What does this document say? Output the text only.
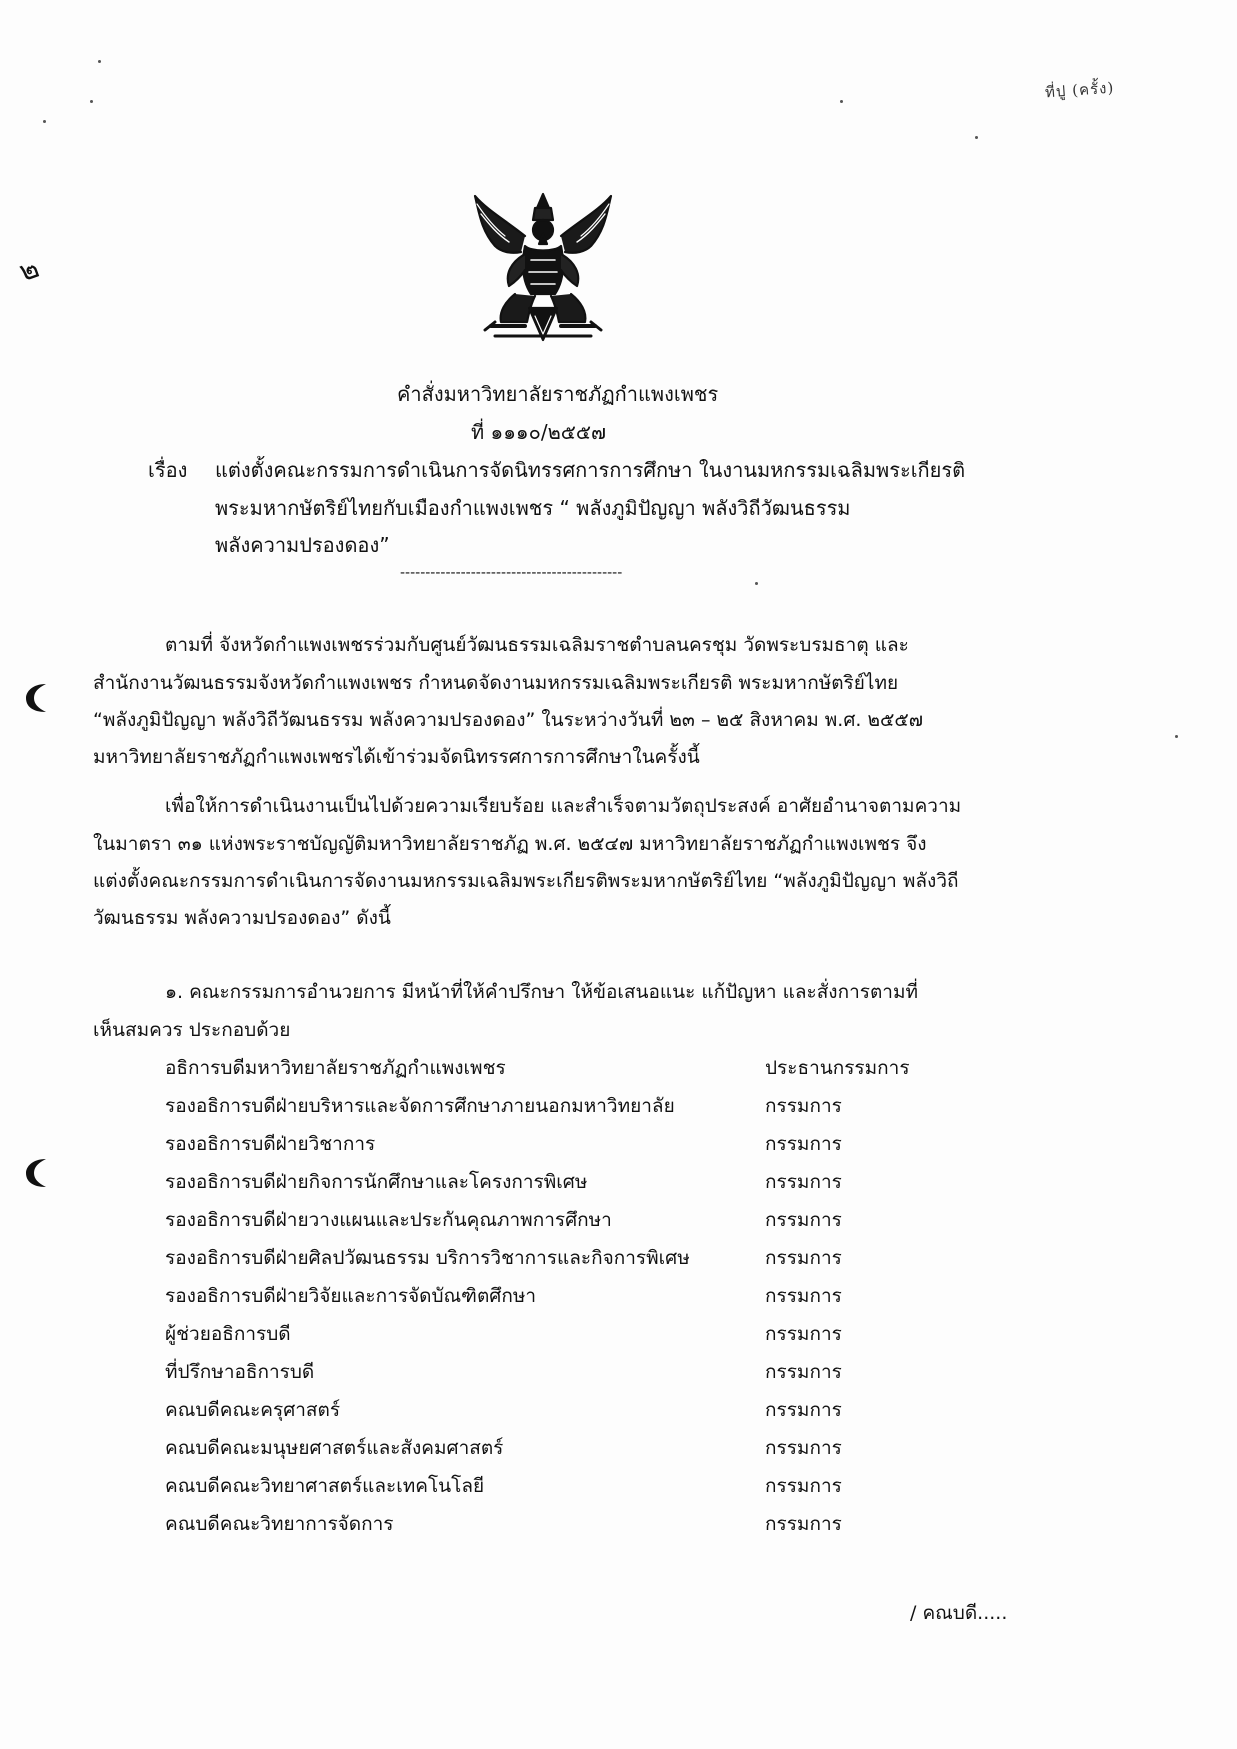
ที่ปู (ครั้ง)
๒
คำสั่งมหาวิทยาลัยราชภัฏกำแพงเพชร
ที่ ๑๑๑๐/๒๕๕๗
เรื่อง แต่งตั้งคณะกรรมการดำเนินการจัดนิทรรศการการศึกษา ในงานมหกรรมเฉลิมพระเกียรติ
พระมหากษัตริย์ไทยกับเมืองกำแพงเพชร “ พลังภูมิปัญญา พลังวิถีวัฒนธรรม
พลังความปรองดอง”
--------------------------------------------
ตามที่ จังหวัดกำแพงเพชรร่วมกับศูนย์วัฒนธรรมเฉลิมราชตำบลนครชุม วัดพระบรมธาตุ และ
สำนักงานวัฒนธรรมจังหวัดกำแพงเพชร กำหนดจัดงานมหกรรมเฉลิมพระเกียรติ พระมหากษัตริย์ไทย
“พลังภูมิปัญญา พลังวิถีวัฒนธรรม พลังความปรองดอง” ในระหว่างวันที่ ๒๓ – ๒๕ สิงหาคม พ.ศ. ๒๕๕๗
มหาวิทยาลัยราชภัฏกำแพงเพชรได้เข้าร่วมจัดนิทรรศการการศึกษาในครั้งนี้
เพื่อให้การดำเนินงานเป็นไปด้วยความเรียบร้อย และสำเร็จตามวัตถุประสงค์ อาศัยอำนาจตามความ
ในมาตรา ๓๑ แห่งพระราชบัญญัติมหาวิทยาลัยราชภัฏ พ.ศ. ๒๕๔๗ มหาวิทยาลัยราชภัฏกำแพงเพชร จึง
แต่งตั้งคณะกรรมการดำเนินการจัดงานมหกรรมเฉลิมพระเกียรติพระมหากษัตริย์ไทย “พลังภูมิปัญญา พลังวิถี
วัฒนธรรม พลังความปรองดอง” ดังนี้
๑. คณะกรรมการอำนวยการ มีหน้าที่ให้คำปรึกษา ให้ข้อเสนอแนะ แก้ปัญหา และสั่งการตามที่
เห็นสมควร ประกอบด้วย
อธิการบดีมหาวิทยาลัยราชภัฏกำแพงเพชร	ประธานกรรมการ
รองอธิการบดีฝ่ายบริหารและจัดการศึกษาภายนอกมหาวิทยาลัย	กรรมการ
รองอธิการบดีฝ่ายวิชาการ	กรรมการ
รองอธิการบดีฝ่ายกิจการนักศึกษาและโครงการพิเศษ	กรรมการ
รองอธิการบดีฝ่ายวางแผนและประกันคุณภาพการศึกษา	กรรมการ
รองอธิการบดีฝ่ายศิลปวัฒนธรรม บริการวิชาการและกิจการพิเศษ	กรรมการ
รองอธิการบดีฝ่ายวิจัยและการจัดบัณฑิตศึกษา	กรรมการ
ผู้ช่วยอธิการบดี	กรรมการ
ที่ปรึกษาอธิการบดี	กรรมการ
คณบดีคณะครุศาสตร์	กรรมการ
คณบดีคณะมนุษยศาสตร์และสังคมศาสตร์	กรรมการ
คณบดีคณะวิทยาศาสตร์และเทคโนโลยี	กรรมการ
คณบดีคณะวิทยาการจัดการ	กรรมการ
/ คณบดี.....
